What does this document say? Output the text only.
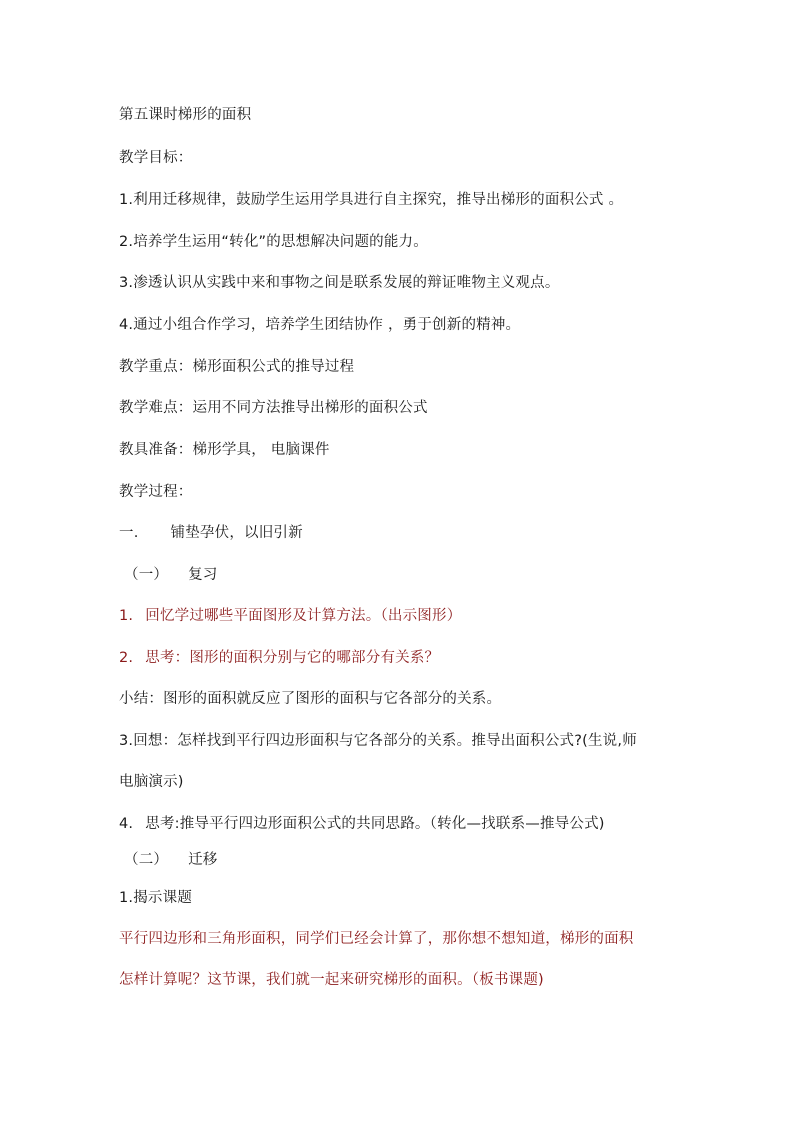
第五课时梯形的面积
教学目标：
1.利用迁移规律，鼓励学生运用学具进行自主探究，推导出梯形的面积公式 。
2.培养学生运用“转化”的思想解决问题的能力。
3.渗透认识从实践中来和事物之间是联系发展的辩证唯物主义观点。
4.通过小组合作学习，培养学生团结协作 ，勇于创新的精神。
教学重点：梯形面积公式的推导过程
教学难点：运用不同方法推导出梯形的面积公式
教具准备：梯形学具， 电脑课件
教学过程：
一. 铺垫孕伏，以旧引新
（一） 复习
1. 回忆学过哪些平面图形及计算方法。（出示图形）
2. 思考：图形的面积分别与它的哪部分有关系？
小结：图形的面积就反应了图形的面积与它各部分的关系。
3.回想：怎样找到平行四边形面积与它各部分的关系。推导出面积公式?(生说,师
电脑演示)
4. 思考:推导平行四边形面积公式的共同思路。（转化—找联系—推导公式)
（二） 迁移
1.揭示课题
平行四边形和三角形面积，同学们已经会计算了，那你想不想知道，梯形的面积
怎样计算呢？这节课，我们就一起来研究梯形的面积。（板书课题)
